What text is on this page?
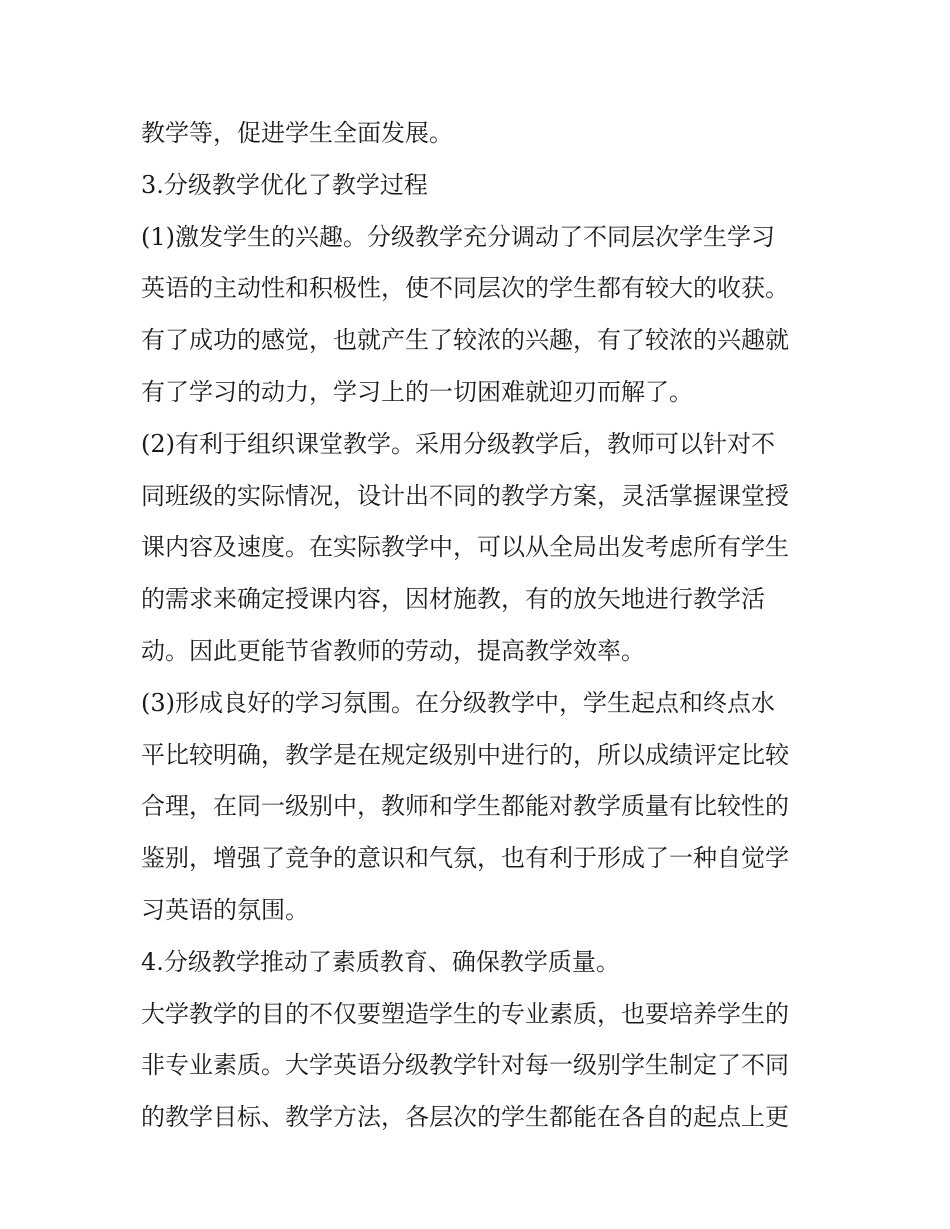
教学等，促进学生全面发展。
3.分级教学优化了教学过程
(1)激发学生的兴趣。分级教学充分调动了不同层次学生学习
英语的主动性和积极性，使不同层次的学生都有较大的收获。
有了成功的感觉，也就产生了较浓的兴趣，有了较浓的兴趣就
有了学习的动力，学习上的一切困难就迎刃而解了。
(2)有利于组织课堂教学。采用分级教学后，教师可以针对不
同班级的实际情况，设计出不同的教学方案，灵活掌握课堂授
课内容及速度。在实际教学中，可以从全局出发考虑所有学生
的需求来确定授课内容，因材施教，有的放矢地进行教学活
动。因此更能节省教师的劳动，提高教学效率。
(3)形成良好的学习氛围。在分级教学中，学生起点和终点水
平比较明确，教学是在规定级别中进行的，所以成绩评定比较
合理，在同一级别中，教师和学生都能对教学质量有比较性的
鉴别，增强了竞争的意识和气氛，也有利于形成了一种自觉学
习英语的氛围。
4.分级教学推动了素质教育、确保教学质量。
大学教学的目的不仅要塑造学生的专业素质，也要培养学生的
非专业素质。大学英语分级教学针对每一级别学生制定了不同
的教学目标、教学方法，各层次的学生都能在各自的起点上更
